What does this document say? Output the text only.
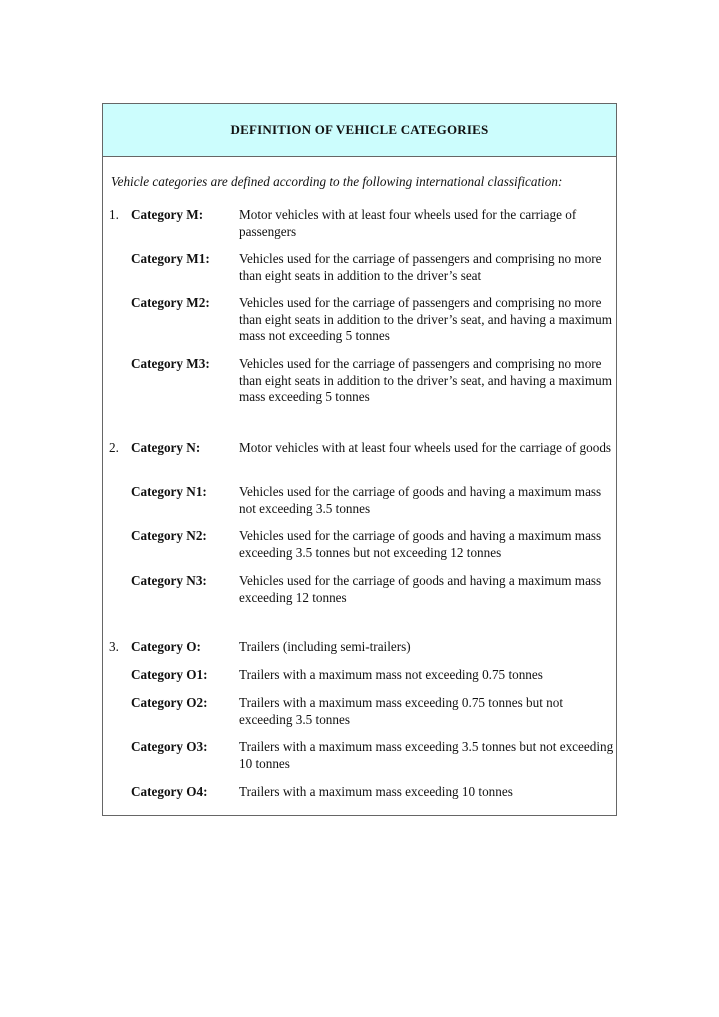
DEFINITION OF VEHICLE CATEGORIES
Vehicle categories are defined according to the following international classification:
1. Category M:	Motor vehicles with at least four wheels used for the carriage of passengers
Category M1: Vehicles used for the carriage of passengers and comprising no more than eight seats in addition to the driver’s seat
Category M2: Vehicles used for the carriage of passengers and comprising no more than eight seats in addition to the driver’s seat, and having a maximum mass not exceeding 5 tonnes
Category M3: Vehicles used for the carriage of passengers and comprising no more than eight seats in addition to the driver’s seat, and having a maximum mass exceeding 5 tonnes
2. Category N:	Motor vehicles with at least four wheels used for the carriage of goods
Category N1: Vehicles used for the carriage of goods and having a maximum mass not exceeding 3.5 tonnes
Category N2: Vehicles used for the carriage of goods and having a maximum mass exceeding 3.5 tonnes but not exceeding 12 tonnes
Category N3: Vehicles used for the carriage of goods and having a maximum mass exceeding 12 tonnes
3. Category O:	Trailers (including semi-trailers)
Category O1: Trailers with a maximum mass not exceeding 0.75 tonnes
Category O2: Trailers with a maximum mass exceeding 0.75 tonnes but not exceeding 3.5 tonnes
Category O3: Trailers with a maximum mass exceeding 3.5 tonnes but not exceeding 10 tonnes
Category O4: Trailers with a maximum mass exceeding 10 tonnes
